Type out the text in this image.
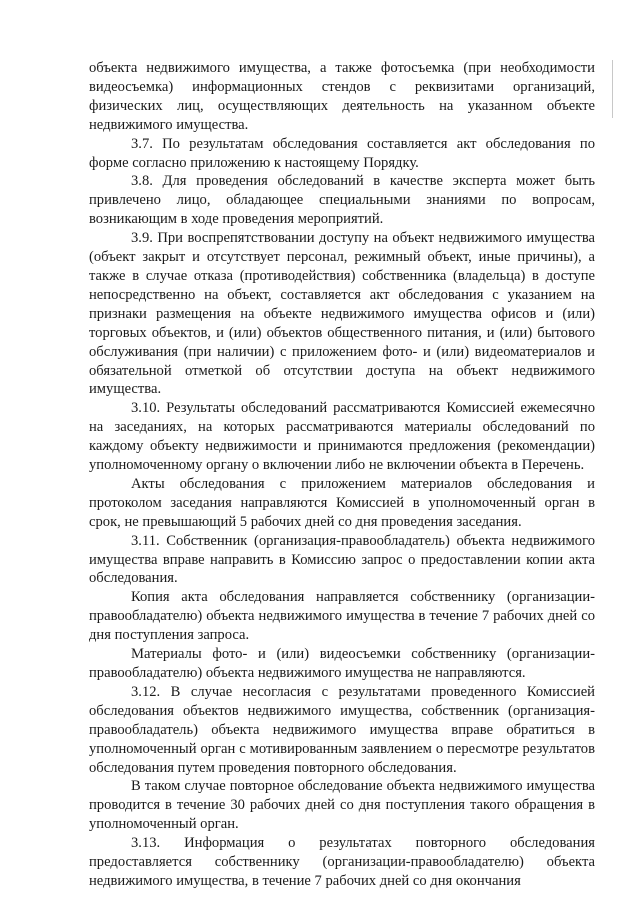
объекта недвижимого имущества, а также фотосъемка (при необходимости видеосъемка) информационных стендов с реквизитами организаций, физических лиц, осуществляющих деятельность на указанном объекте недвижимого имущества.

3.7. По результатам обследования составляется акт обследования по форме согласно приложению к настоящему Порядку.

3.8. Для проведения обследований в качестве эксперта может быть привлечено лицо, обладающее специальными знаниями по вопросам, возникающим в ходе проведения мероприятий.

3.9. При воспрепятствовании доступу на объект недвижимого имущества (объект закрыт и отсутствует персонал, режимный объект, иные причины), а также в случае отказа (противодействия) собственника (владельца) в доступе непосредственно на объект, составляется акт обследования с указанием на признаки размещения на объекте недвижимого имущества офисов и (или) торговых объектов, и (или) объектов общественного питания, и (или) бытового обслуживания (при наличии) с приложением фото- и (или) видеоматериалов и обязательной отметкой об отсутствии доступа на объект недвижимого имущества.

3.10. Результаты обследований рассматриваются Комиссией ежемесячно на заседаниях, на которых рассматриваются материалы обследований по каждому объекту недвижимости и принимаются предложения (рекомендации) уполномоченному органу о включении либо не включении объекта в Перечень.

Акты обследования с приложением материалов обследования и протоколом заседания направляются Комиссией в уполномоченный орган в срок, не превышающий 5 рабочих дней со дня проведения заседания.

3.11. Собственник (организация-правообладатель) объекта недвижимого имущества вправе направить в Комиссию запрос о предоставлении копии акта обследования.

Копия акта обследования направляется собственнику (организации-правообладателю) объекта недвижимого имущества в течение 7 рабочих дней со дня поступления запроса.

Материалы фото- и (или) видеосъемки собственнику (организации-правообладателю) объекта недвижимого имущества не направляются.

3.12. В случае несогласия с результатами проведенного Комиссией обследования объектов недвижимого имущества, собственник (организация-правообладатель) объекта недвижимого имущества вправе обратиться в уполномоченный орган с мотивированным заявлением о пересмотре результатов обследования путем проведения повторного обследования.

В таком случае повторное обследование объекта недвижимого имущества проводится в течение 30 рабочих дней со дня поступления такого обращения в уполномоченный орган.

3.13. Информация о результатах повторного обследования предоставляется собственнику (организации-правообладателю) объекта недвижимого имущества, в течение 7 рабочих дней со дня окончания
